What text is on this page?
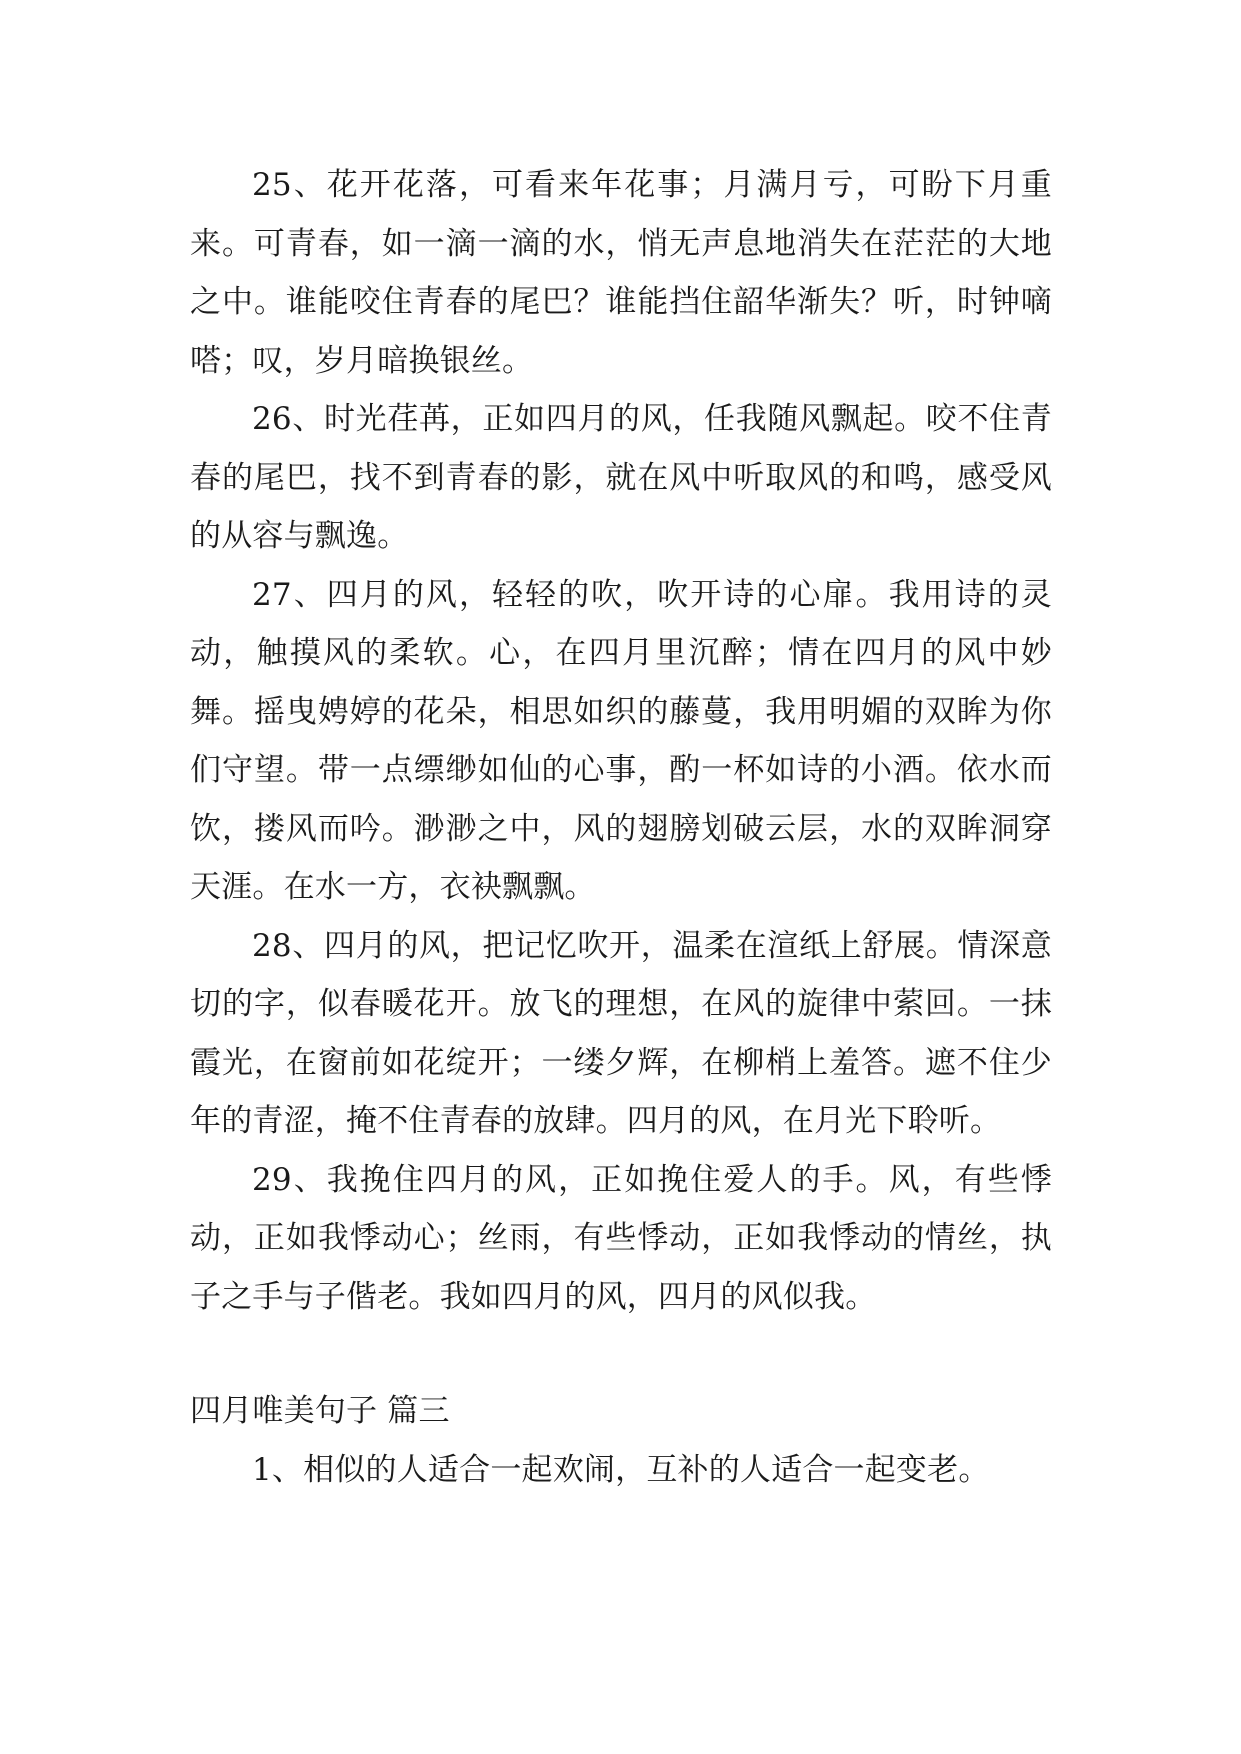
25、花开花落，可看来年花事；月满月亏，可盼下月重来。可青春，如一滴一滴的水，悄无声息地消失在茫茫的大地之中。谁能咬住青春的尾巴？谁能挡住韶华渐失？听，时钟嘀嗒；叹，岁月暗换银丝。

26、时光荏苒，正如四月的风，任我随风飘起。咬不住青春的尾巴，找不到青春的影，就在风中听取风的和鸣，感受风的从容与飘逸。

27、四月的风，轻轻的吹，吹开诗的心扉。我用诗的灵动，触摸风的柔软。心，在四月里沉醉；情在四月的风中妙舞。摇曳娉婷的花朵，相思如织的藤蔓，我用明媚的双眸为你们守望。带一点缥缈如仙的心事，酌一杯如诗的小酒。依水而饮，搂风而吟。渺渺之中，风的翅膀划破云层，水的双眸洞穿天涯。在水一方，衣袂飘飘。

28、四月的风，把记忆吹开，温柔在渲纸上舒展。情深意切的字，似春暖花开。放飞的理想，在风的旋律中萦回。一抹霞光，在窗前如花绽开；一缕夕辉，在柳梢上羞答。遮不住少年的青涩，掩不住青春的放肆。四月的风，在月光下聆听。

29、我挽住四月的风，正如挽住爱人的手。风，有些悸动，正如我悸动心；丝雨，有些悸动，正如我悸动的情丝，执子之手与子偕老。我如四月的风，四月的风似我。

四月唯美句子 篇三

1、相似的人适合一起欢闹，互补的人适合一起变老。
